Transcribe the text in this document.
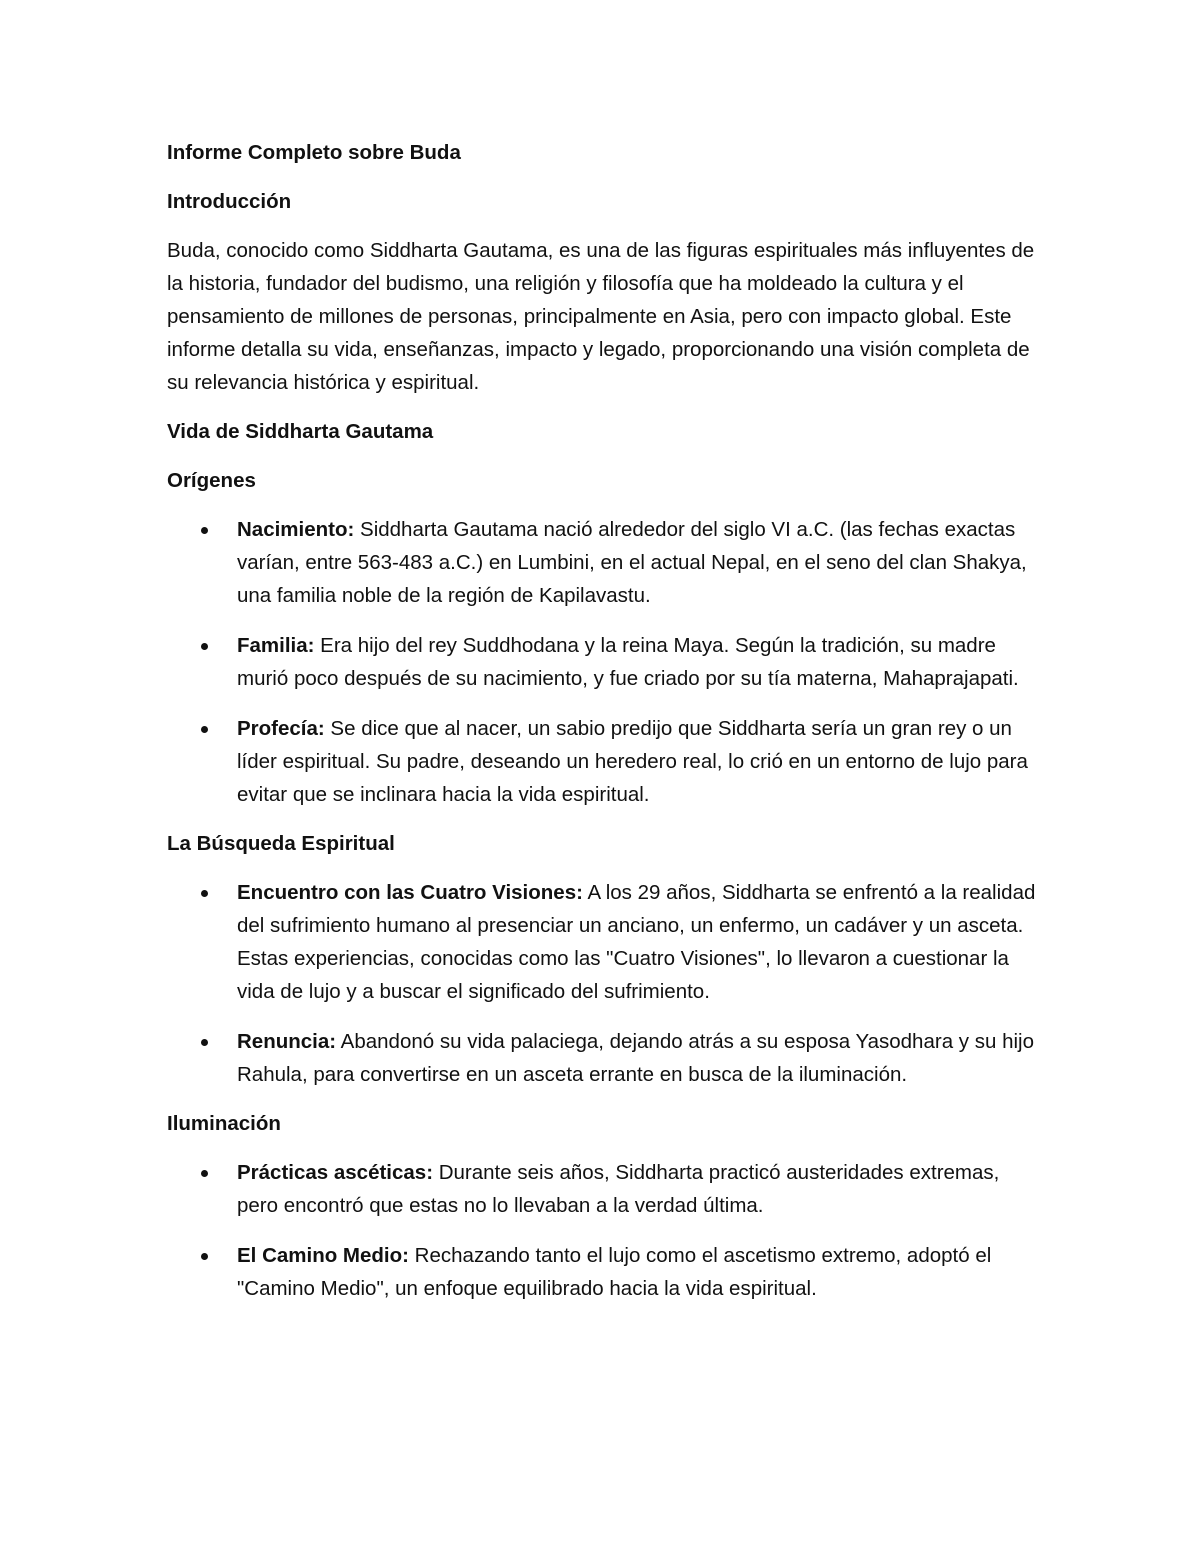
Informe Completo sobre Buda
Introducción

Buda, conocido como Siddharta Gautama, es una de las figuras espirituales más influyentes de la historia, fundador del budismo, una religión y filosofía que ha moldeado la cultura y el pensamiento de millones de personas, principalmente en Asia, pero con impacto global. Este informe detalla su vida, enseñanzas, impacto y legado, proporcionando una visión completa de su relevancia histórica y espiritual.

Vida de Siddharta Gautama
Orígenes
Nacimiento: Siddharta Gautama nació alrededor del siglo VI a.C. (las fechas exactas varían, entre 563-483 a.C.) en Lumbini, en el actual Nepal, en el seno del clan Shakya, una familia noble de la región de Kapilavastu.
Familia: Era hijo del rey Suddhodana y la reina Maya. Según la tradición, su madre murió poco después de su nacimiento, y fue criado por su tía materna, Mahaprajapati.
Profecía: Se dice que al nacer, un sabio predijo que Siddharta sería un gran rey o un líder espiritual. Su padre, deseando un heredero real, lo crió en un entorno de lujo para evitar que se inclinara hacia la vida espiritual.
La Búsqueda Espiritual
Encuentro con las Cuatro Visiones: A los 29 años, Siddharta se enfrentó a la realidad del sufrimiento humano al presenciar un anciano, un enfermo, un cadáver y un asceta. Estas experiencias, conocidas como las "Cuatro Visiones", lo llevaron a cuestionar la vida de lujo y a buscar el significado del sufrimiento.
Renuncia: Abandonó su vida palaciega, dejando atrás a su esposa Yasodhara y su hijo Rahula, para convertirse en un asceta errante en busca de la iluminación.
Iluminación
Prácticas ascéticas: Durante seis años, Siddharta practicó austeridades extremas, pero encontró que estas no lo llevaban a la verdad última.
El Camino Medio: Rechazando tanto el lujo como el ascetismo extremo, adoptó el "Camino Medio", un enfoque equilibrado hacia la vida espiritual.
